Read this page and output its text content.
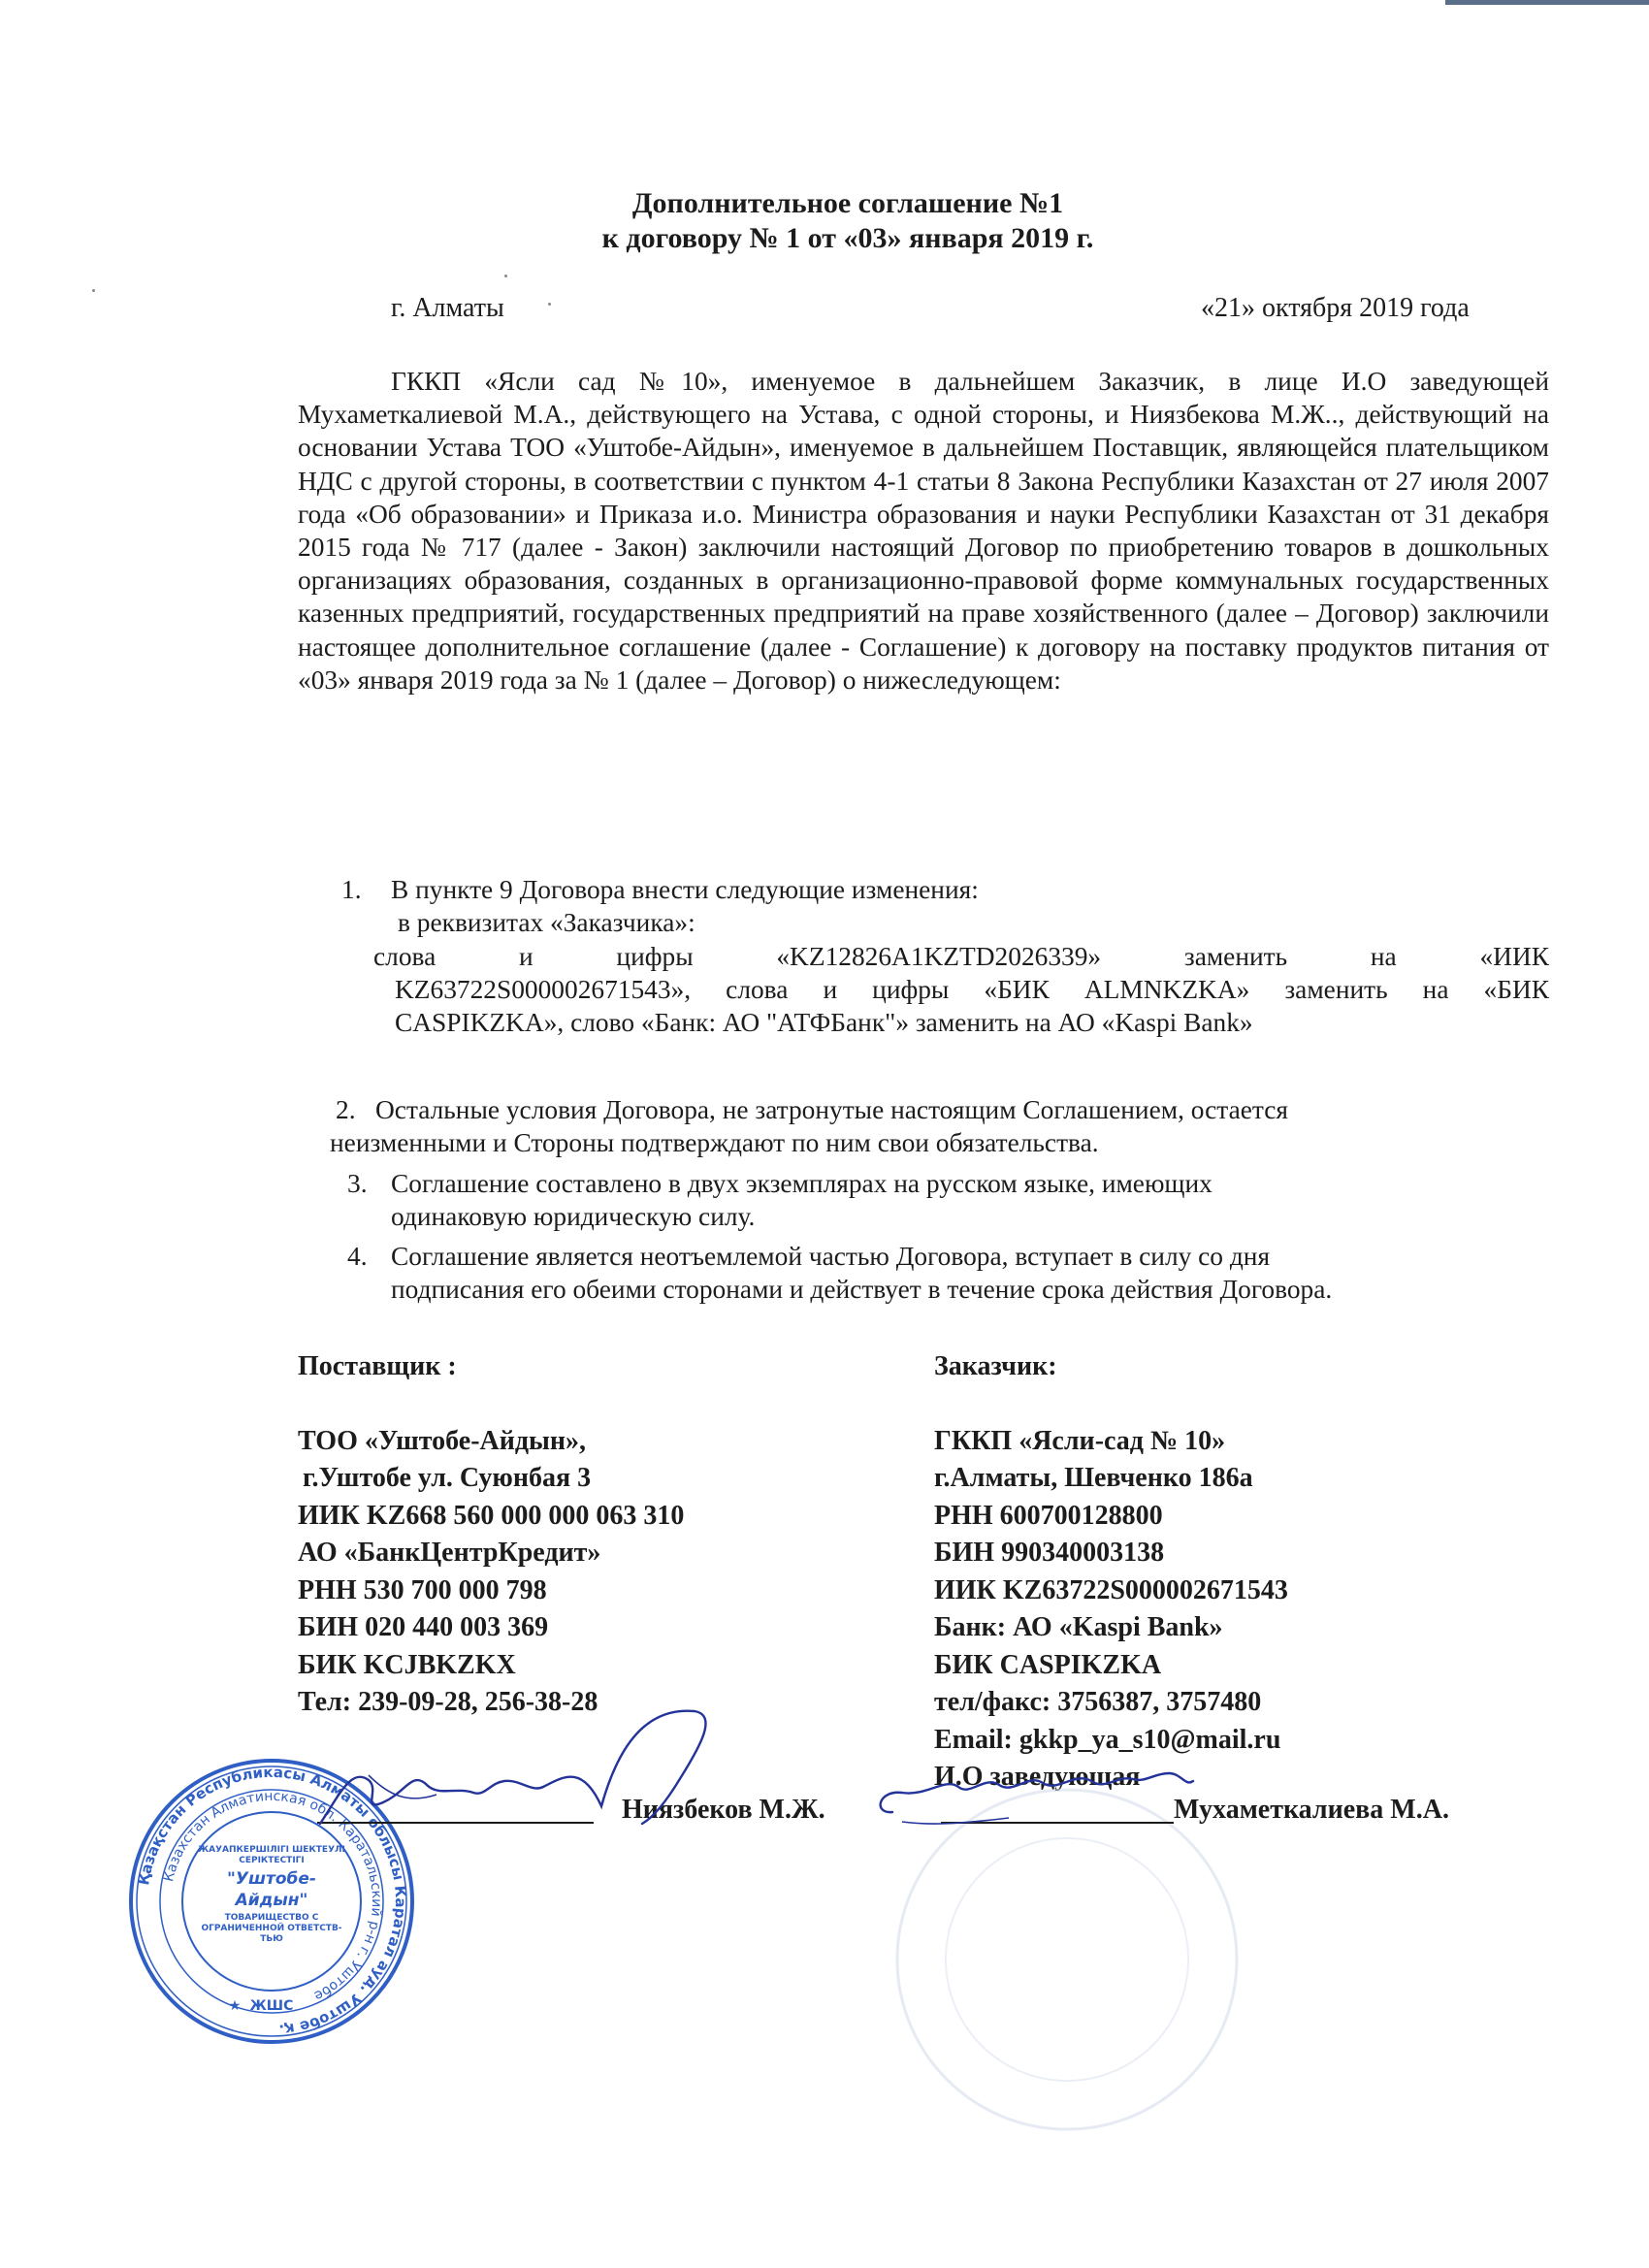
Дополнительное соглашение №1
к договору № 1 от «03» января 2019 г.
г. Алматы	«21» октября 2019 года

ГККП «Ясли сад №10», именуемое в дальнейшем Заказчик, в лице И.О заведующей Мухаметкалиевой М.А., действующего на Устава, с одной стороны, и Ниязбекова М.Ж.., действующий на основании Устава ТОО «Уштобе-Айдын», именуемое в дальнейшем Поставщик, являющейся плательщиком НДС с другой стороны, в соответствии с пунктом 4-1 статьи 8 Закона Республики Казахстан от 27 июля 2007 года «Об образовании» и Приказа и.о. Министра образования и науки Республики Казахстан от 31 декабря 2015 года № 717 (далее - Закон) заключили настоящий Договор по приобретению товаров в дошкольных организациях образования, созданных в организационно-правовой форме коммунальных государственных казенных предприятий, государственных предприятий на праве хозяйственного (далее – Договор) заключили настоящее дополнительное соглашение (далее - Соглашение) к договору на поставку продуктов питания от «03» января 2019 года за № 1 (далее – Договор) о нижеследующем:

1. В пункте 9 Договора внести следующие изменения:
в реквизитах «Заказчика»:
слова и цифры «KZ12826A1KZTD2026339» заменить на «ИИК
KZ63722S000002671543», слова и цифры «БИК ALMNKZKA» заменить на «БИК
CASPIKZKA», слово «Банк: АО "АТФБанк"» заменить на АО «Kaspi Bank»
2. Остальные условия Договора, не затронутые настоящим Соглашением, остается
неизменными и Стороны подтверждают по ним свои обязательства.
3. Соглашение составлено в двух экземплярах на русском языке, имеющих
одинаковую юридическую силу.
4. Соглашение является неотъемлемой частью Договора, вступает в силу со дня
подписания его обеими сторонами и действует в течение срока действия Договора.
Поставщик :
ТОО «Уштобе-Айдын»,
г.Уштобе ул. Суюнбая 3
ИИК KZ668 560 000 000 063 310
АО «БанкЦентрКредит»
РНН 530 700 000 798
БИН 020 440 003 369
БИК KCJBKZKX
Тел: 239-09-28, 256-38-28
Заказчик:
ГККП «Ясли-сад № 10»
г.Алматы, Шевченко 186а
РНН 600700128800
БИН 990340003138
ИИК KZ63722S000002671543
Банк: АО «Kaspi Bank»
БИК CASPIKZKA
тел/факс: 3756387, 3757480
Email: gkkp_ya_s10@mail.ru
И.О заведующая
Қазақстан Республикасы Алматы облысы Каратал ауд. Уштобе қ.
Казахстан Алматинская обл. Каратальский р-н г. Уштобе
ЖАУАПКЕРШІЛІГІ ШЕКТЕУЛІ СЕРІКТЕСТІГІ
"Уштобе-Айдын"
ТОВАРИЩЕСТВО С ОГРАНИЧЕННОЙ ОТВЕТСТВ-ТЬЮ
ЖШС
★
Ниязбеков М.Ж.	Мухаметкалиева М.А.
